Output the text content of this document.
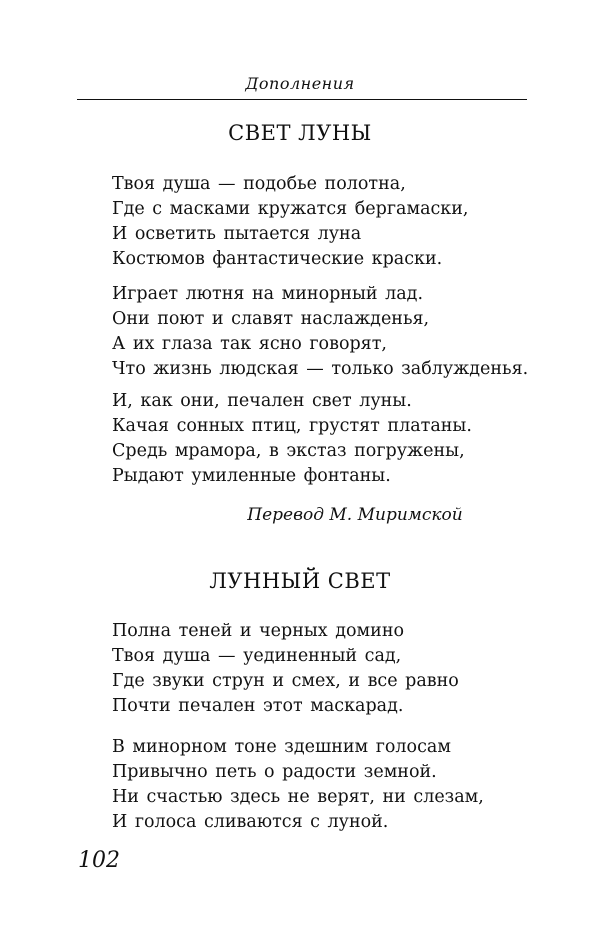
Дополнения
СВЕТ ЛУНЫ
Твоя душа — подобье полотна,
Где с масками кружатся бергамаски,
И осветить пытается луна
Костюмов фантастические краски.
Играет лютня на минорный лад.
Они поют и славят наслажденья,
А их глаза так ясно говорят,
Что жизнь людская — только заблужденья.
И, как они, печален свет луны.
Качая сонных птиц, грустят платаны.
Средь мрамора, в экстаз погружены,
Рыдают умиленные фонтаны.
Перевод М. Миримской
ЛУННЫЙ СВЕТ
Полна теней и черных домино
Твоя душа — уединенный сад,
Где звуки струн и смех, и все равно
Почти печален этот маскарад.
В минорном тоне здешним голосам
Привычно петь о радости земной.
Ни счастью здесь не верят, ни слезам,
И голоса сливаются с луной.
102
